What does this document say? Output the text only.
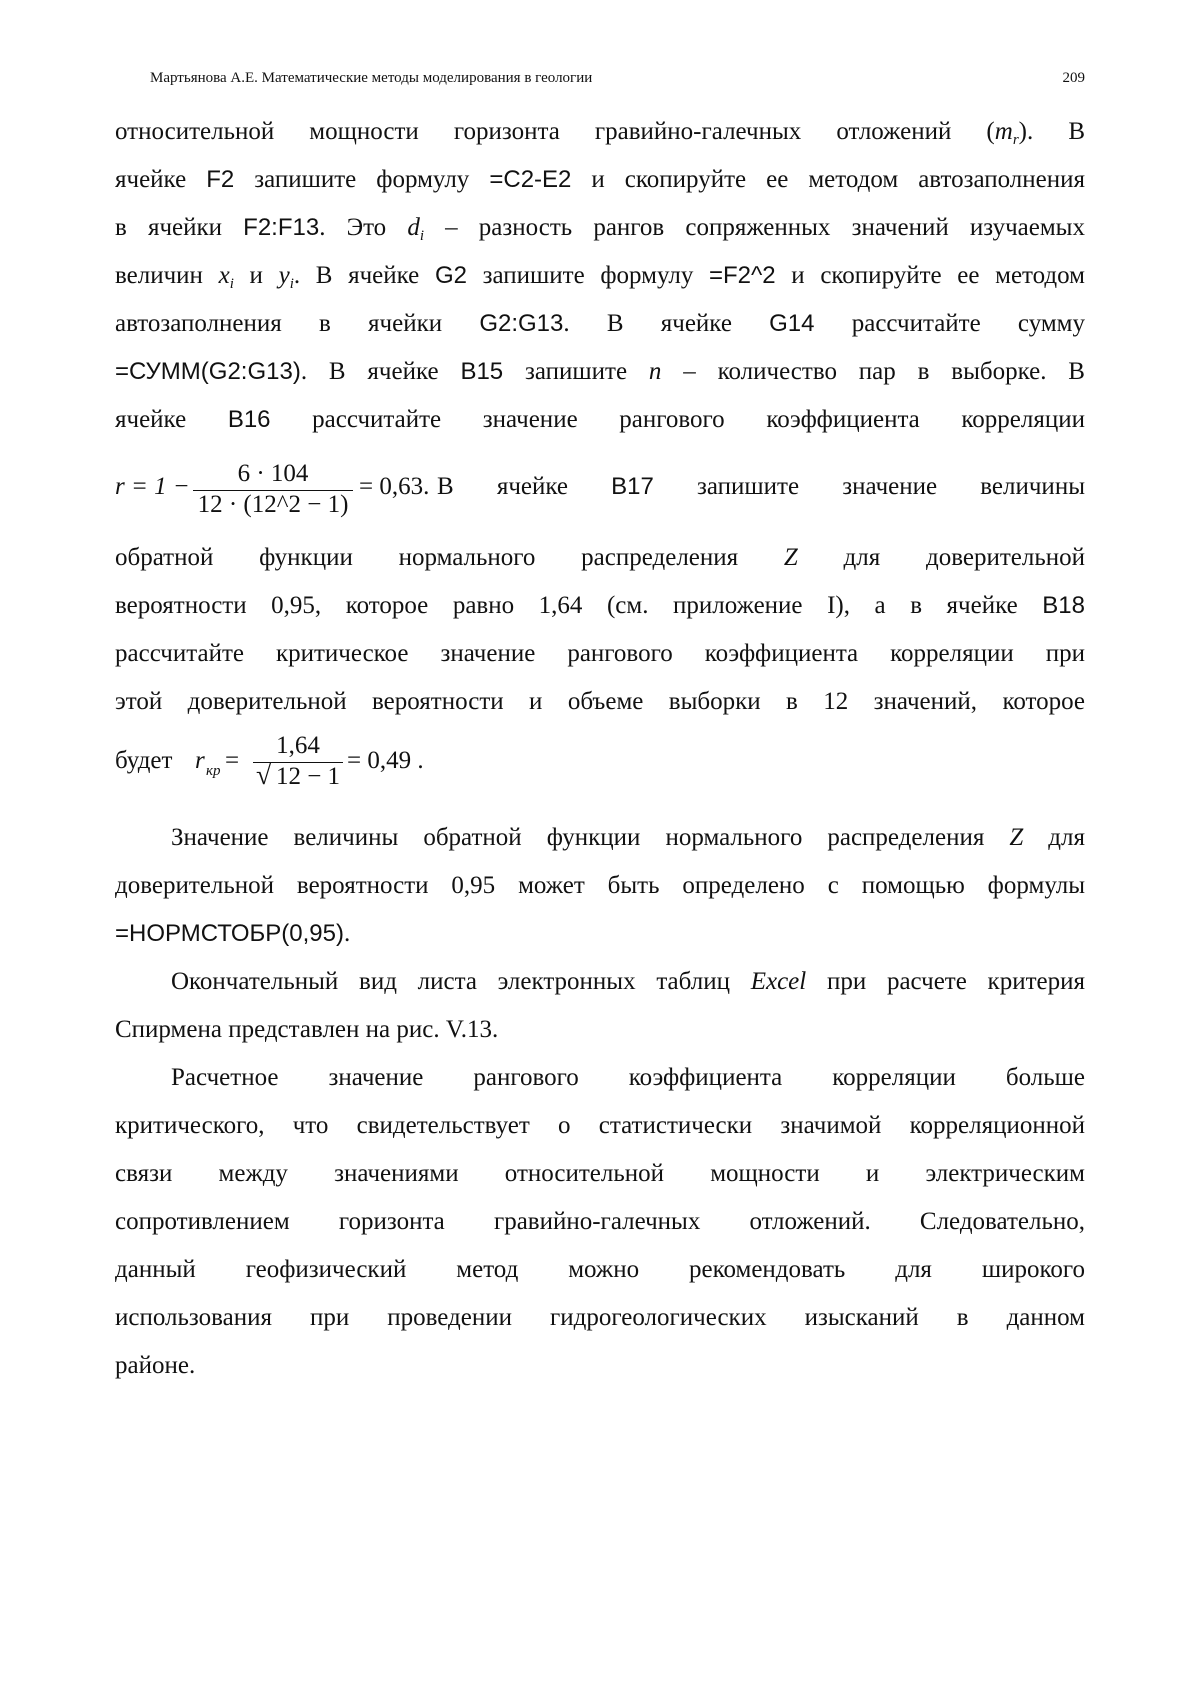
Мартьянова А.Е. Математические методы моделирования в геологии	209
относительной мощности горизонта гравийно-галечных отложений $(m_r)$. В
ячейке F2 запишите формулу =C2-E2 и скопируйте ее методом автозаполнения
в ячейки F2:F13. Это $d_i$ – разность рангов сопряженных значений изучаемых
величин $x_i$ и $y_i$. В ячейке G2 запишите формулу =F2^2 и скопируйте ее методом
автозаполнения в ячейки G2:G13. В ячейке G14 рассчитайте сумму
=СУММ(G2:G13). В ячейке B15 запишите n – количество пар в выборке. В
ячейке B16 рассчитайте значение рангового коэффициента корреляции
r = 1 −	6 · 104
12 · (12^2 − 1)
= 0,63. В ячейке B17 запишите значение величины
обратной функции нормального распределения Z для доверительной
вероятности 0,95, которое равно 1,64 (см. приложение I), а в ячейке B18
рассчитайте критическое значение рангового коэффициента корреляции при
этой доверительной вероятности и объеме выборки в 12 значений, которое
будет r кр =
1,64
√ 12 − 1
= 0,49 .
Значение величины обратной функции нормального распределения Z для
доверительной вероятности 0,95 может быть определено с помощью формулы
=НОРМСТОБР(0,95).
Окончательный вид листа электронных таблиц Excel при расчете критерия
Спирмена представлен на рис. V.13.
Расчетное значение рангового коэффициента корреляции больше
критического, что свидетельствует о статистически значимой корреляционной
связи между значениями относительной мощности и электрическим
сопротивлением горизонта гравийно-галечных отложений. Следовательно,
данный геофизический метод можно рекомендовать для широкого
использования при проведении гидрогеологических изысканий в данном
районе.
